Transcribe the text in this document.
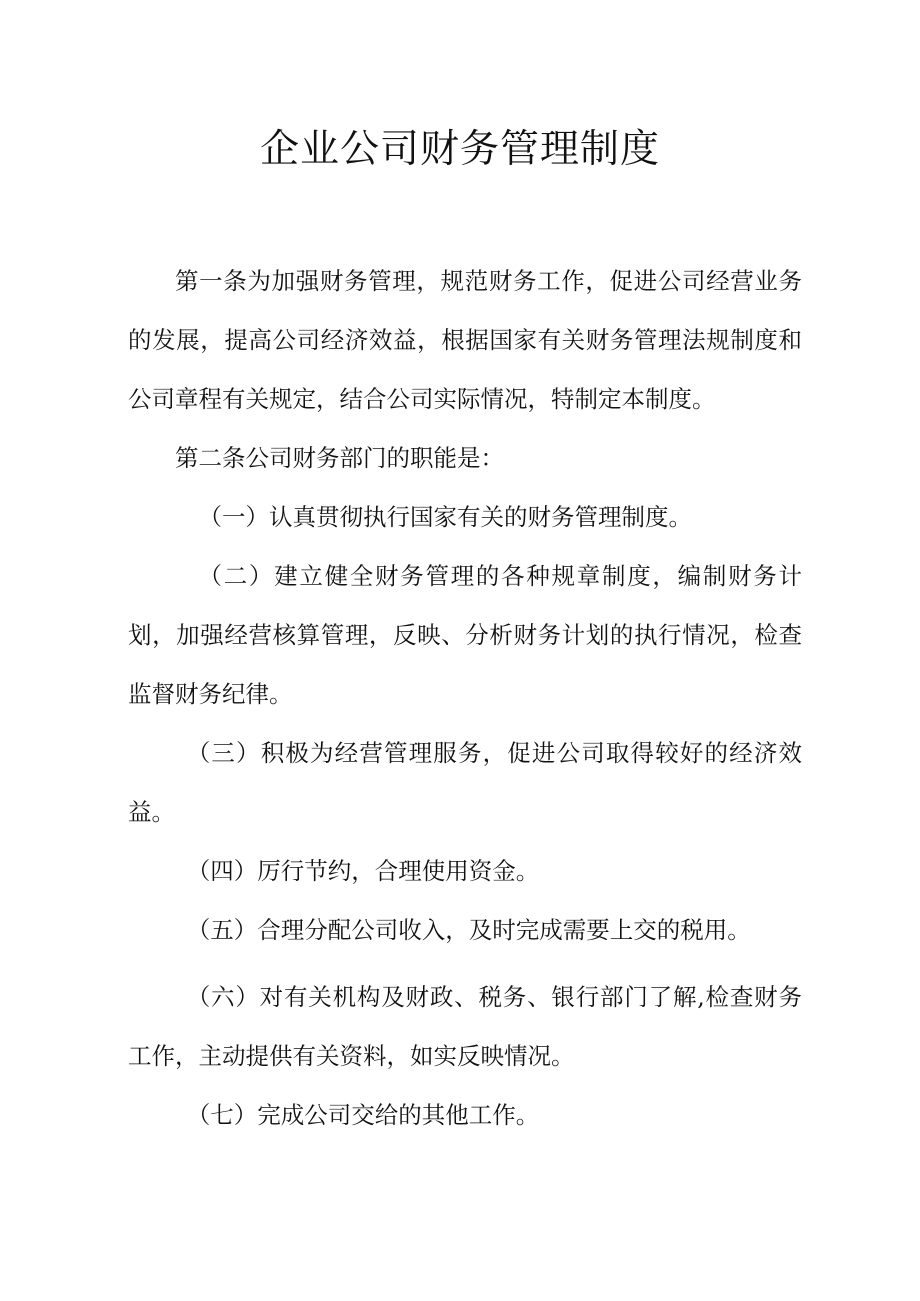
企业公司财务管理制度

第一条为加强财务管理，规范财务工作，促进公司经营业务的发展，提高公司经济效益，根据国家有关财务管理法规制度和公司章程有关规定，结合公司实际情况，特制定本制度。

第二条公司财务部门的职能是：

（一）认真贯彻执行国家有关的财务管理制度。

（二）建立健全财务管理的各种规章制度，编制财务计划，加强经营核算管理，反映、分析财务计划的执行情况，检查监督财务纪律。

（三）积极为经营管理服务，促进公司取得较好的经济效益。

（四）厉行节约，合理使用资金。

（五）合理分配公司收入，及时完成需要上交的税用。

（六）对有关机构及财政、税务、银行部门了解,检查财务工作，主动提供有关资料，如实反映情况。

（七）完成公司交给的其他工作。
